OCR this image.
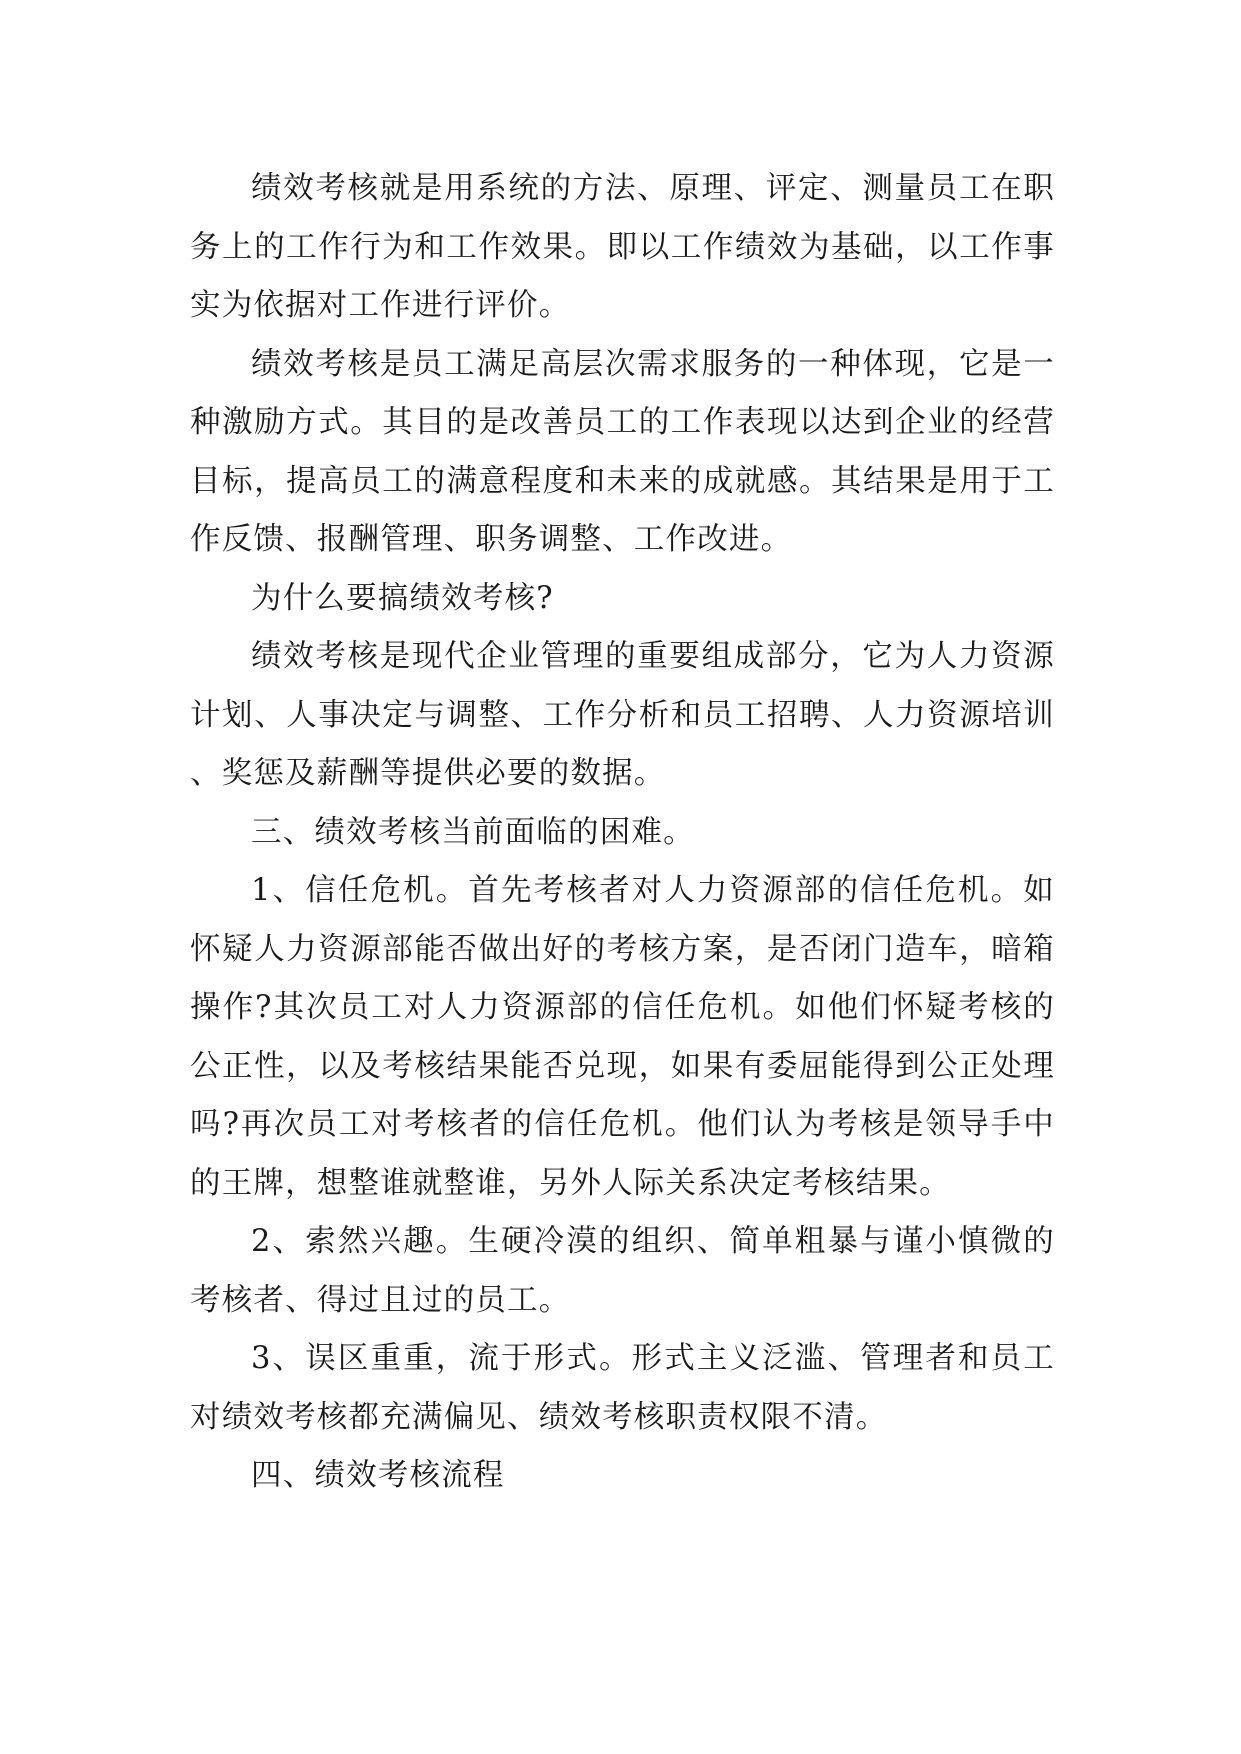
绩效考核就是用系统的方法、原理、评定、测量员工在职务上的工作行为和工作效果。即以工作绩效为基础，以工作事实为依据对工作进行评价。

绩效考核是员工满足高层次需求服务的一种体现，它是一种激励方式。其目的是改善员工的工作表现以达到企业的经营目标，提高员工的满意程度和未来的成就感。其结果是用于工作反馈、报酬管理、职务调整、工作改进。

为什么要搞绩效考核?

绩效考核是现代企业管理的重要组成部分，它为人力资源计划、人事决定与调整、工作分析和员工招聘、人力资源培训、奖惩及薪酬等提供必要的数据。

三、绩效考核当前面临的困难。

1、信任危机。首先考核者对人力资源部的信任危机。如怀疑人力资源部能否做出好的考核方案，是否闭门造车，暗箱操作?其次员工对人力资源部的信任危机。如他们怀疑考核的公正性，以及考核结果能否兑现，如果有委屈能得到公正处理吗?再次员工对考核者的信任危机。他们认为考核是领导手中的王牌，想整谁就整谁，另外人际关系决定考核结果。

2、索然兴趣。生硬冷漠的组织、简单粗暴与谨小慎微的考核者、得过且过的员工。

3、误区重重，流于形式。形式主义泛滥、管理者和员工对绩效考核都充满偏见、绩效考核职责权限不清。

四、绩效考核流程
